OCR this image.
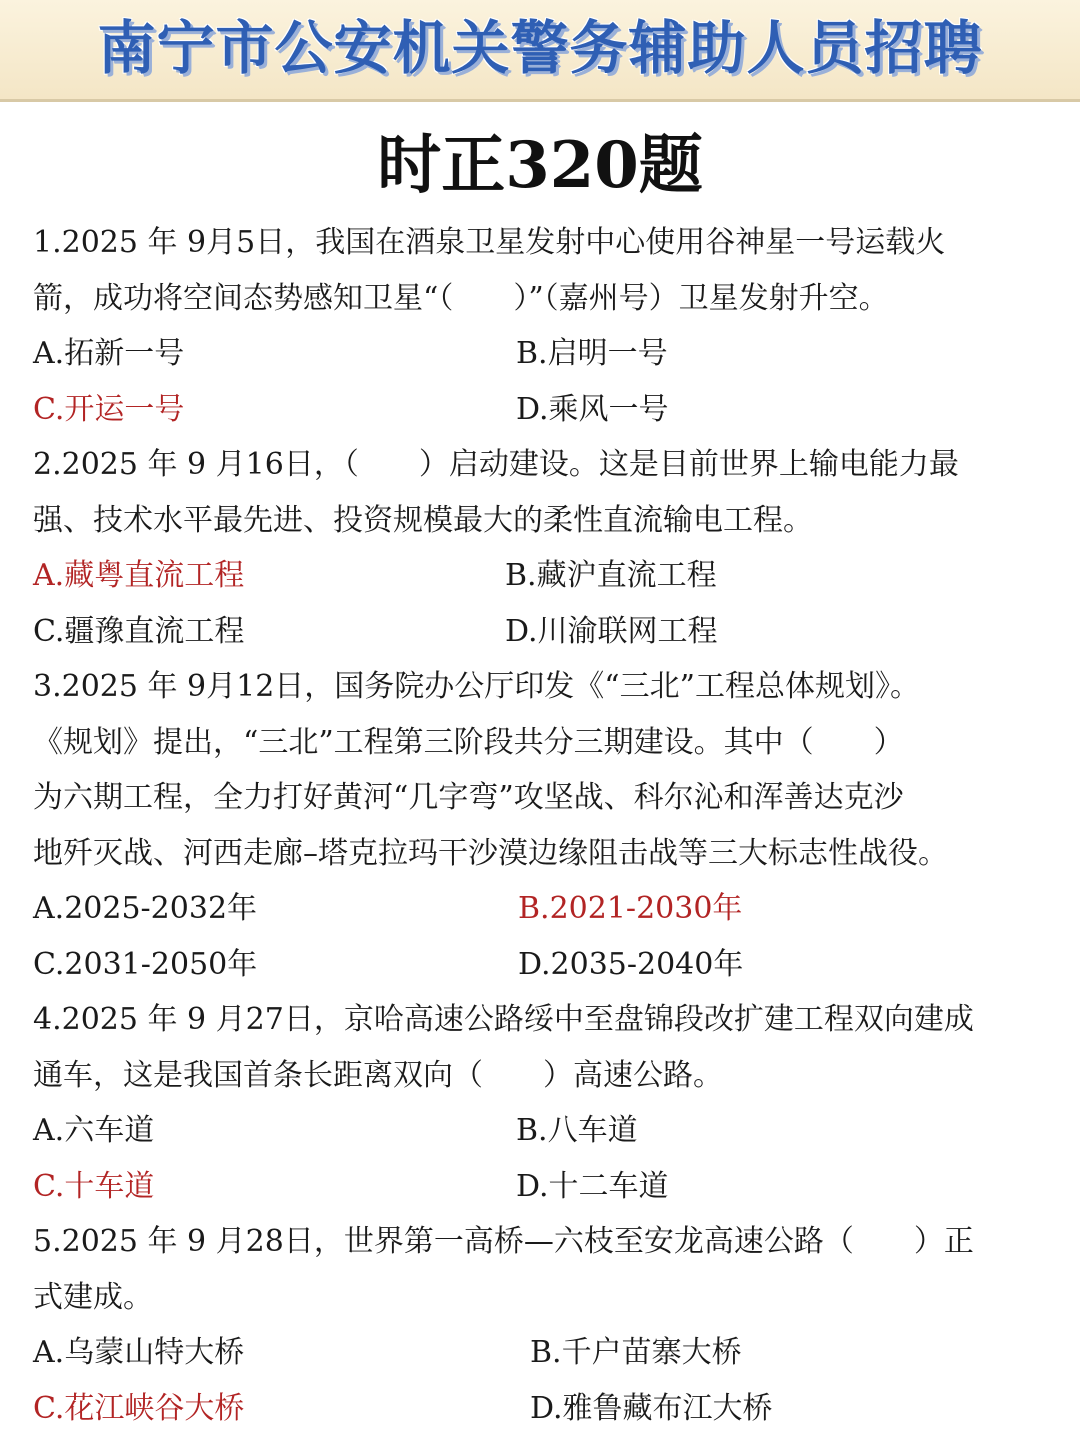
南宁市公安机关警务辅助人员招聘
时正320题
1.2025 年 9月5日，我国在酒泉卫星发射中心使用谷神星一号运载火
箭，成功将空间态势感知卫星“（　　）”（嘉州号）卫星发射升空。
A.拓新一号	B.启明一号
C.开运一号	D.乘风一号
2.2025 年 9 月16日，（　　）启动建设。这是目前世界上输电能力最
强、技术水平最先进、投资规模最大的柔性直流输电工程。
A.藏粤直流工程	B.藏沪直流工程
C.疆豫直流工程	D.川渝联网工程
3.2025 年 9月12日，国务院办公厅印发《“三北”工程总体规划》。
《规划》提出，“三北”工程第三阶段共分三期建设。其中（　　）
为六期工程，全力打好黄河“几字弯”攻坚战、科尔沁和浑善达克沙
地歼灭战、河西走廊–塔克拉玛干沙漠边缘阻击战等三大标志性战役。
A.2025-2032年	B.2021-2030年
C.2031-2050年	D.2035-2040年
4.2025 年 9 月27日，京哈高速公路绥中至盘锦段改扩建工程双向建成
通车，这是我国首条长距离双向（　　）高速公路。
A.六车道	B.八车道
C.十车道	D.十二车道
5.2025 年 9 月28日，世界第一高桥—六枝至安龙高速公路（　　）正
式建成。
A.乌蒙山特大桥	B.千户苗寨大桥
C.花江峡谷大桥	D.雅鲁藏布江大桥
